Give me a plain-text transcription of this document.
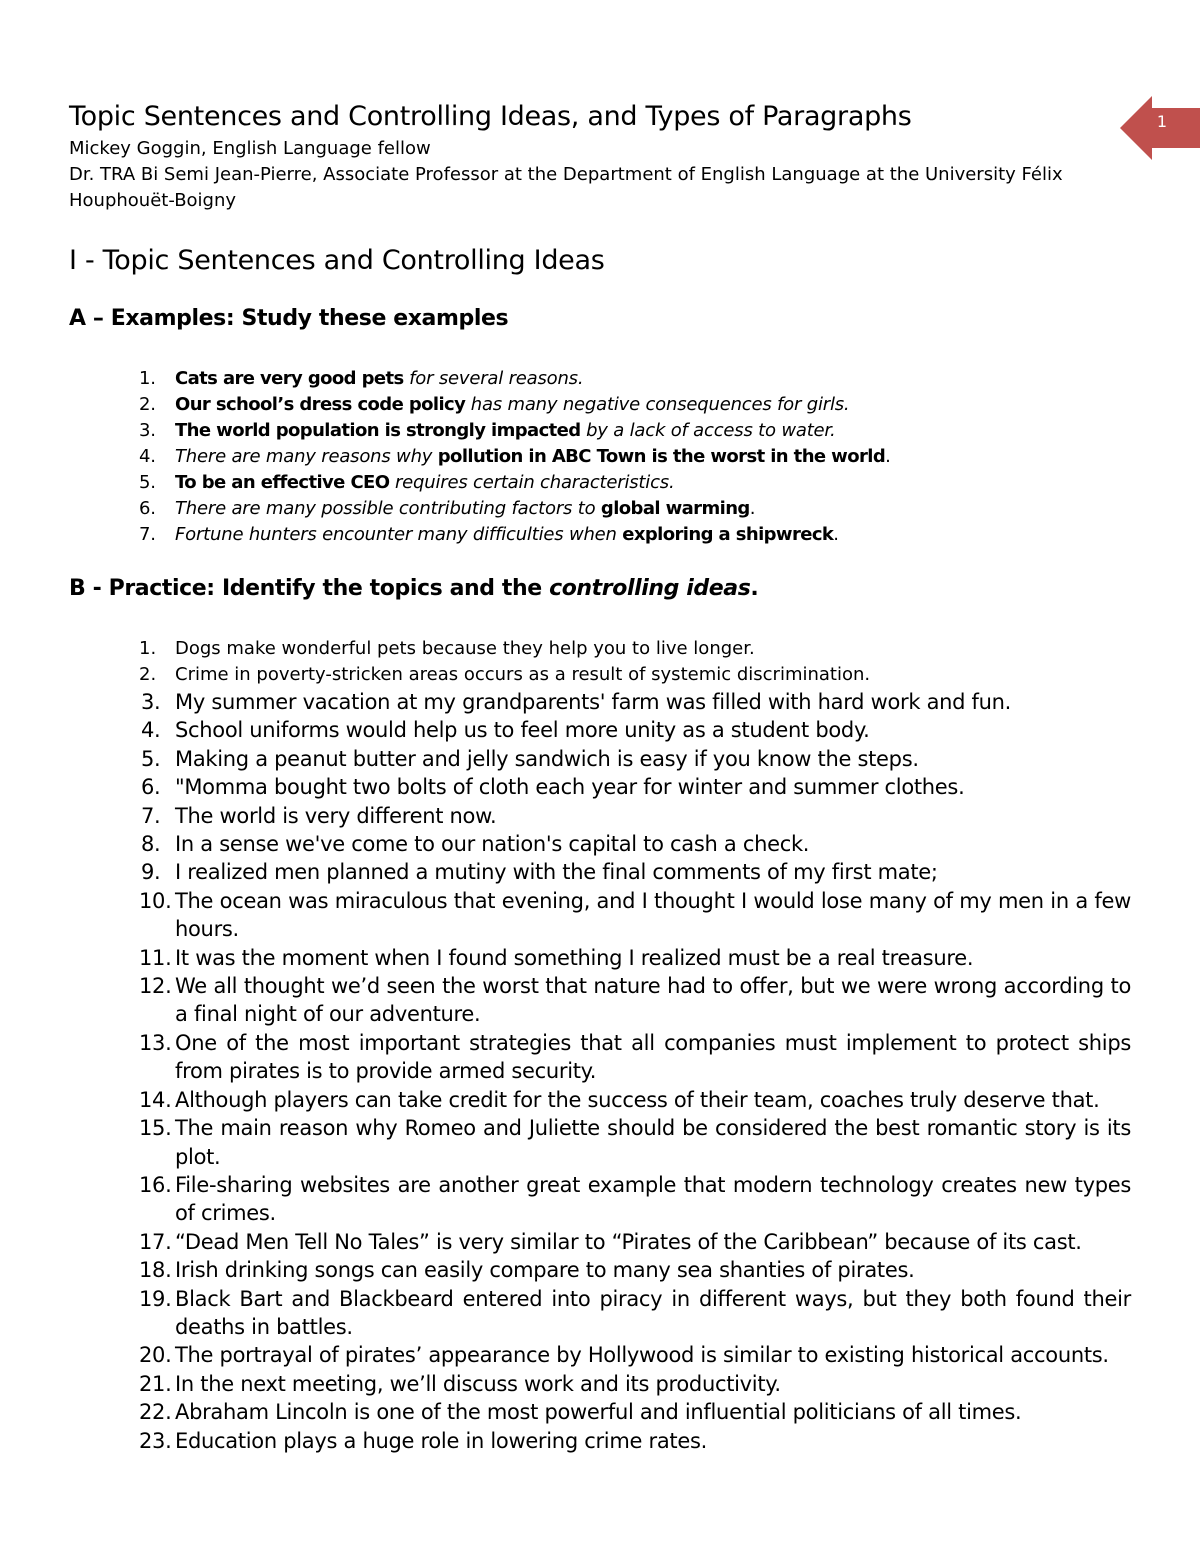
1
Topic Sentences and Controlling Ideas, and Types of Paragraphs

Mickey Goggin, English Language fellow

Dr. TRA Bi Semi Jean-Pierre, Associate Professor at the Department of English Language at the University Félix

Houphouët-Boigny

I - Topic Sentences and Controlling Ideas
A – Examples: Study these examples
1. Cats are very good pets for several reasons.
2. Our school’s dress code policy has many negative consequences for girls.
3. The world population is strongly impacted by a lack of access to water.
4. There are many reasons why pollution in ABC Town is the worst in the world.
5. To be an effective CEO requires certain characteristics.
6. There are many possible contributing factors to global warming.
7. Fortune hunters encounter many difficulties when exploring a shipwreck.
B - Practice: Identify the topics and the controlling ideas.
1. Dogs make wonderful pets because they help you to live longer.
2. Crime in poverty-stricken areas occurs as a result of systemic discrimination.
3. My summer vacation at my grandparents' farm was filled with hard work and fun.
4. School uniforms would help us to feel more unity as a student body.
5. Making a peanut butter and jelly sandwich is easy if you know the steps.
6. "Momma bought two bolts of cloth each year for winter and summer clothes.
7. The world is very different now.
8. In a sense we've come to our nation's capital to cash a check.
9. I realized men planned a mutiny with the final comments of my first mate;
10. The ocean was miraculous that evening, and I thought I would lose many of my men in a few hours.
11. It was the moment when I found something I realized must be a real treasure.
12. We all thought we’d seen the worst that nature had to offer, but we were wrong according to a final night of our adventure.
13. One of the most important strategies that all companies must implement to protect ships from pirates is to provide armed security.
14. Although players can take credit for the success of their team, coaches truly deserve that.
15. The main reason why Romeo and Juliette should be considered the best romantic story is its plot.
16. File-sharing websites are another great example that modern technology creates new types of crimes.
17. “Dead Men Tell No Tales” is very similar to “Pirates of the Caribbean” because of its cast.
18. Irish drinking songs can easily compare to many sea shanties of pirates.
19. Black Bart and Blackbeard entered into piracy in different ways, but they both found their deaths in battles.
20. The portrayal of pirates’ appearance by Hollywood is similar to existing historical accounts.
21. In the next meeting, we’ll discuss work and its productivity.
22. Abraham Lincoln is one of the most powerful and influential politicians of all times.
23. Education plays a huge role in lowering crime rates.
